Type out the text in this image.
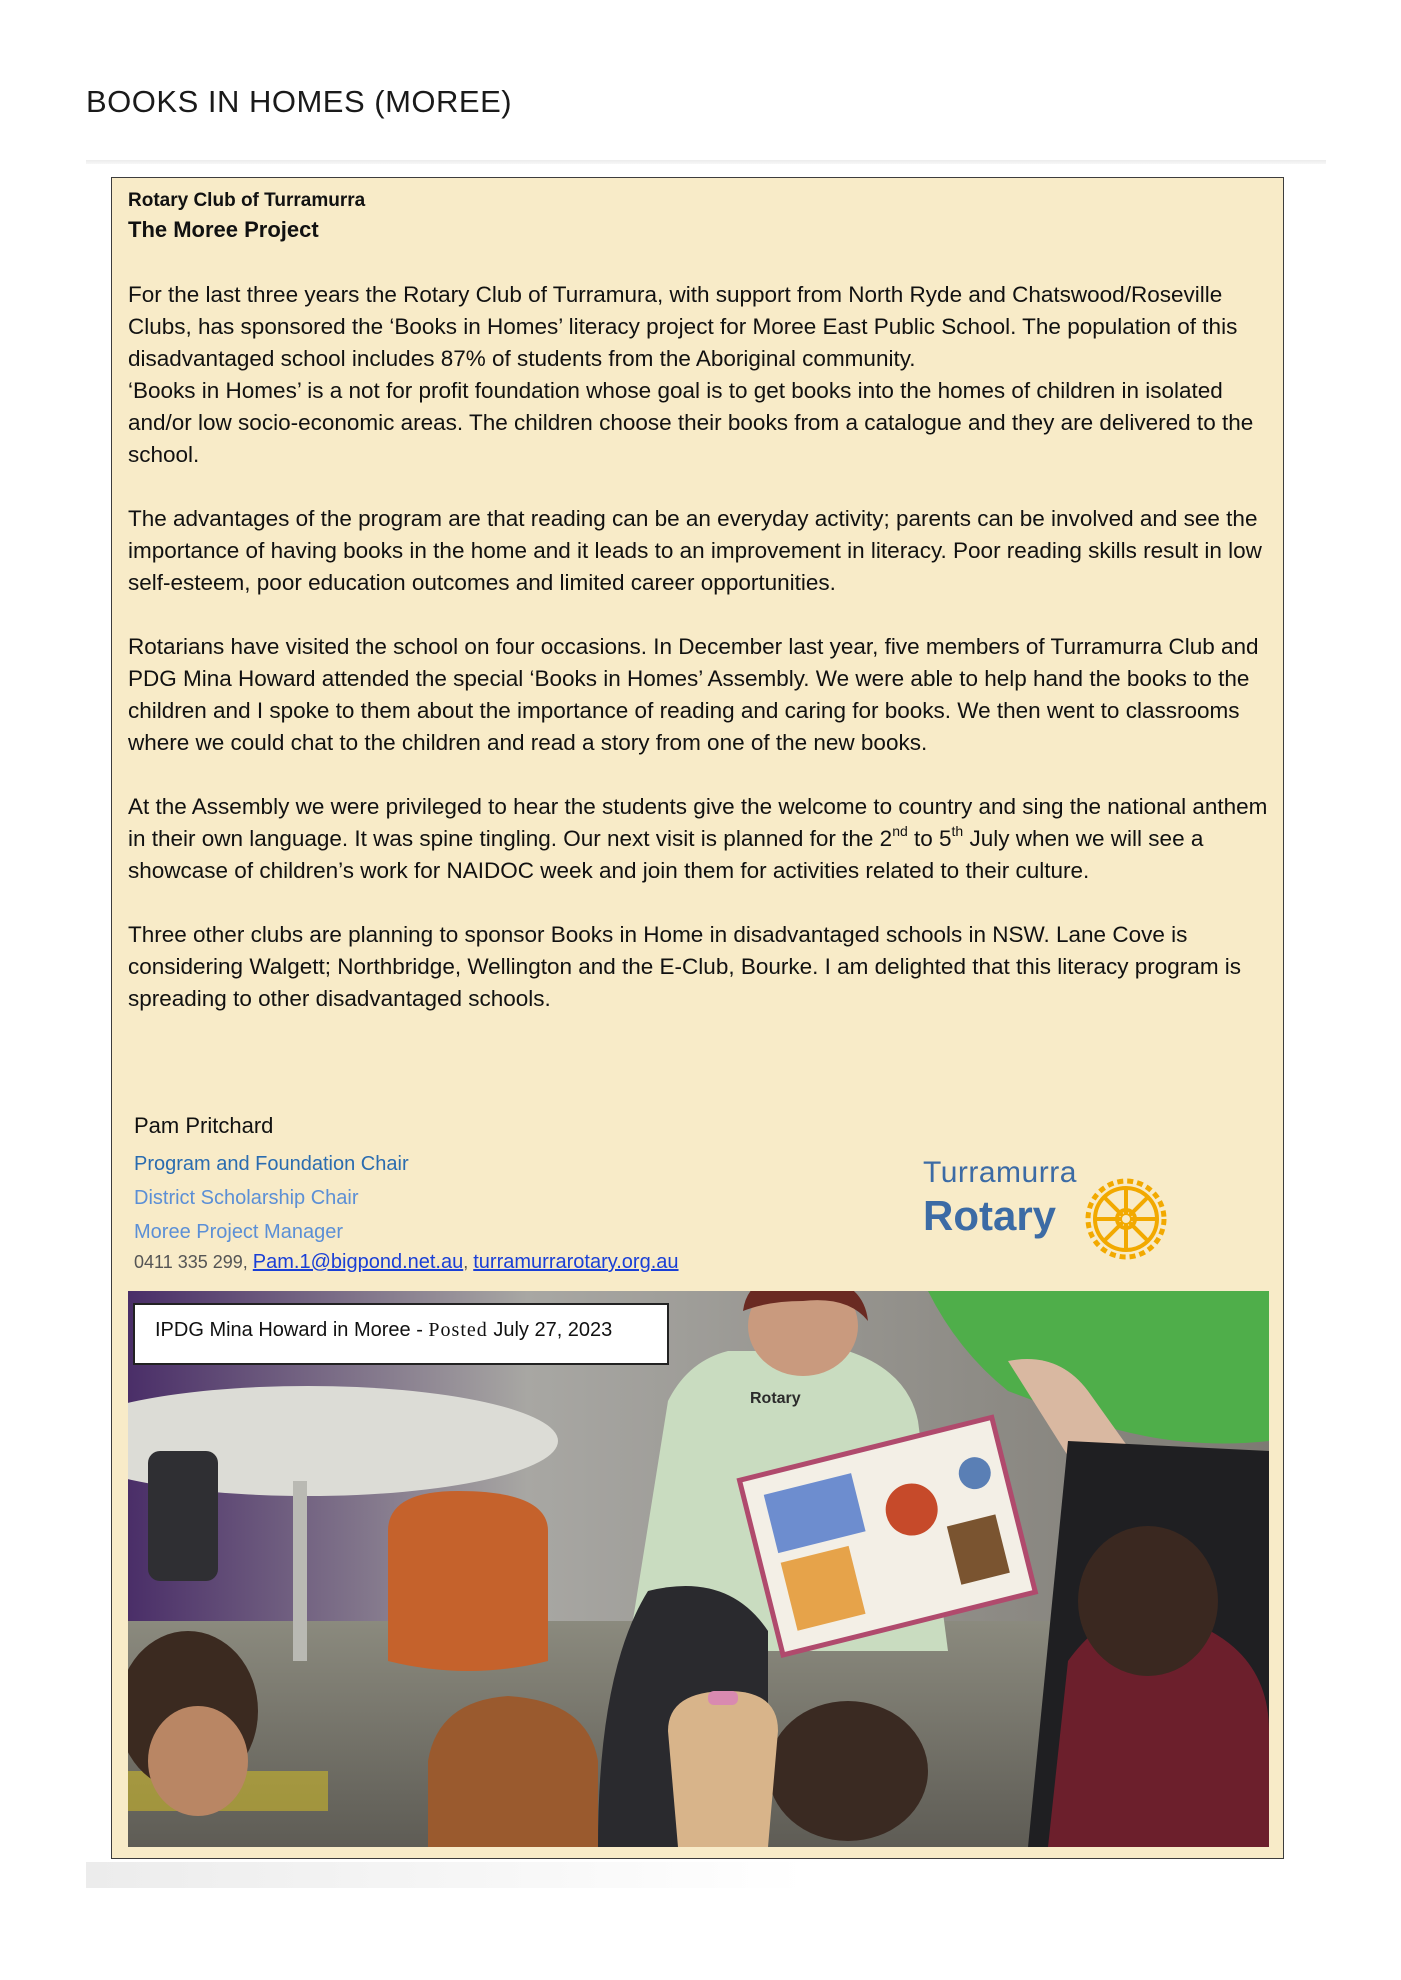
BOOKS IN HOMES (MOREE)
Rotary Club of Turramurra
The Moree Project

For the last three years the Rotary Club of Turramura, with support from North Ryde and Chatswood/Roseville Clubs, has sponsored the ‘Books in Homes’ literacy project for Moree East Public School. The population of this disadvantaged school includes 87% of students from the Aboriginal community.

‘Books in Homes’ is a not for profit foundation whose goal is to get books into the homes of children in isolated and/or low socio-economic areas. The children choose their books from a catalogue and they are delivered to the school.

The advantages of the program are that reading can be an everyday activity; parents can be involved and see the importance of having books in the home and it leads to an improvement in literacy. Poor reading skills result in low self-esteem, poor education outcomes and limited career opportunities.

Rotarians have visited the school on four occasions. In December last year, five members of Turramurra Club and PDG Mina Howard attended the special ‘Books in Homes’ Assembly. We were able to help hand the books to the children and I spoke to them about the importance of reading and caring for books. We then went to classrooms where we could chat to the children and read a story from one of the new books.

At the Assembly we were privileged to hear the students give the welcome to country and sing the national anthem in their own language. It was spine tingling. Our next visit is planned for the 2nd to 5th July when we will see a showcase of children’s work for NAIDOC week and join them for activities related to their culture.

Three other clubs are planning to sponsor Books in Home in disadvantaged schools in NSW. Lane Cove is considering Walgett; Northbridge, Wellington and the E-Club, Bourke. I am delighted that this literacy program is spreading to other disadvantaged schools.

Pam Pritchard
Program and Foundation Chair
District Scholarship Chair
Moree Project Manager
0411 335 299, Pam.1@bigpond.net.au, turramurrarotary.org.au
Turramurra
Rotary
Rotary
IPDG Mina Howard in Moree - Posted July 27, 2023
